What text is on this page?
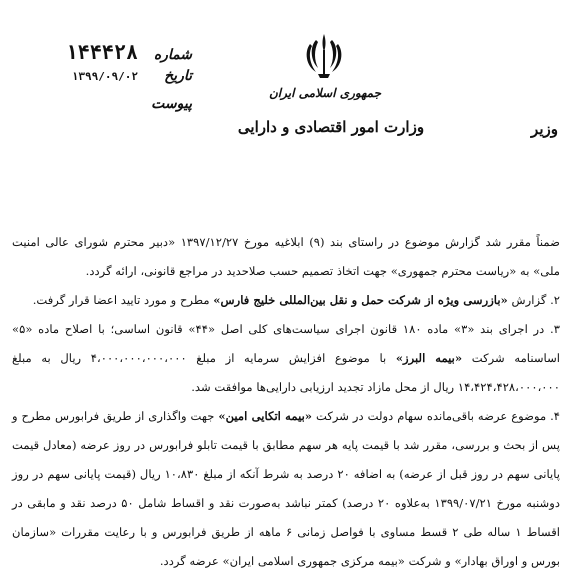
جمهوری اسلامی ایران
وزارت امور اقتصادی و دارایی	وزیر
شماره
۱۴۴۴۲۸
تاریخ
۱۳۹۹/۰۹/۰۲
پیوست

ضمناً مقرر شد گزارش موضوع در راستای بند (۹) ابلاغیه مورخ ۱۳۹۷/۱۲/۲۷ «دبیر محترم شورای عالی امنیت ملی» به «ریاست محترم جمهوری» جهت اتخاذ تصمیم حسب صلاحدید در مراجع قانونی، ارائه گردد.

۲. گزارش «بازرسی ویژه از شرکت حمل و نقل بین‌المللی خلیج فارس» مطرح و مورد تایید اعضا قرار گرفت.

۳. در اجرای بند «۳» ماده ۱۸۰ قانون اجرای سیاست‌های کلی اصل «۴۴» قانون اساسی؛ با اصلاح ماده «۵» اساسنامه شرکت «بیمه البرز» با موضوع افزایش سرمایه از مبلغ ۴،۰۰۰،۰۰۰،۰۰۰،۰۰۰ ریال به مبلغ ۱۴،۴۲۴،۴۲۸،۰۰۰،۰۰۰ ریال از محل مازاد تجدید ارزیابی دارایی‌ها موافقت شد.

۴. موضوع عرضه باقی‌مانده سهام دولت در شرکت «بیمه اتکایی امین» جهت واگذاری از طریق فرابورس مطرح و پس از بحث و بررسی، مقرر شد با قیمت پایه هر سهم مطابق با قیمت تابلو فرابورس در روز عرضه (معادل قیمت پایانی سهم در روز قبل از عرضه) به اضافه ۲۰ درصد به شرط آنکه از مبلغ ۱۰،۸۳۰ ریال (قیمت پایانی سهم در روز دوشنبه مورخ ۱۳۹۹/۰۷/۲۱ به‌علاوه ۲۰ درصد) کمتر نباشد به‌صورت نقد و اقساط شامل ۵۰ درصد نقد و مابقی در اقساط ۱ ساله طی ۲ قسط مساوی با فواصل زمانی ۶ ماهه از طریق فرابورس و با رعایت مقررات «سازمان بورس و اوراق بهادار» و شرکت «بیمه مرکزی جمهوری اسلامی ایران» عرضه گردد.
